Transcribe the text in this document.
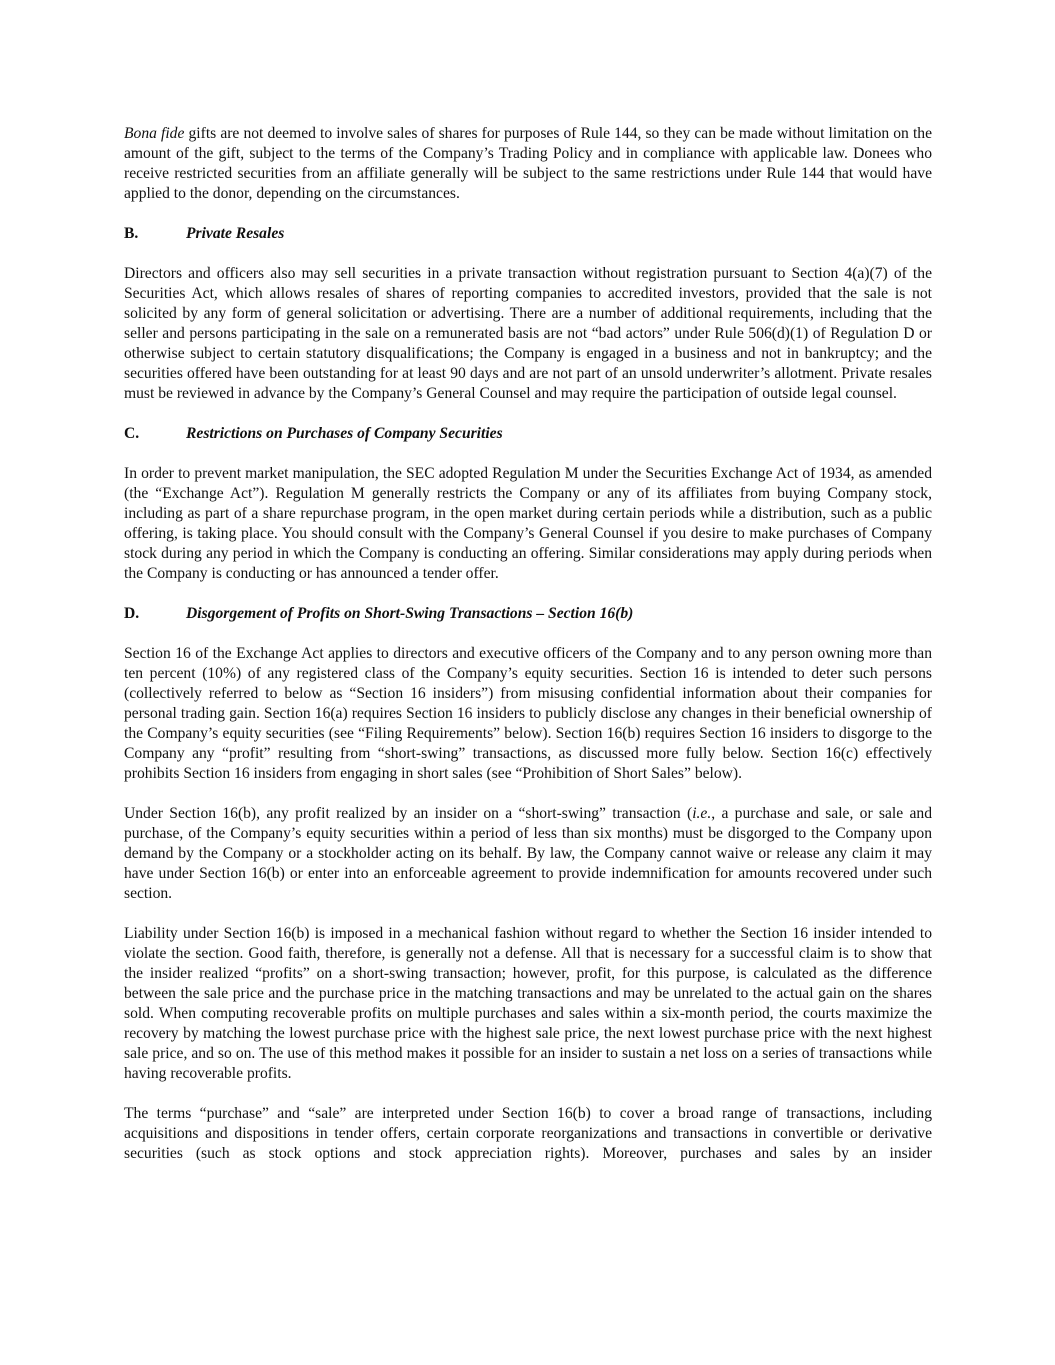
Bona fide gifts are not deemed to involve sales of shares for purposes of Rule 144, so they can be made without limitation on the amount of the gift, subject to the terms of the Company’s Trading Policy and in compliance with applicable law. Donees who receive restricted securities from an affiliate generally will be subject to the same restrictions under Rule 144 that would have applied to the donor, depending on the circumstances.

B.	Private Resales

Directors and officers also may sell securities in a private transaction without registration pursuant to Section 4(a)(7) of the Securities Act, which allows resales of shares of reporting companies to accredited investors, provided that the sale is not solicited by any form of general solicitation or advertising. There are a number of additional requirements, including that the seller and persons participating in the sale on a remunerated basis are not “bad actors” under Rule 506(d)(1) of Regulation D or otherwise subject to certain statutory disqualifications; the Company is engaged in a business and not in bankruptcy; and the securities offered have been outstanding for at least 90 days and are not part of an unsold underwriter’s allotment. Private resales must be reviewed in advance by the Company’s General Counsel and may require the participation of outside legal counsel.

C.	Restrictions on Purchases of Company Securities

In order to prevent market manipulation, the SEC adopted Regulation M under the Securities Exchange Act of 1934, as amended (the “Exchange Act”). Regulation M generally restricts the Company or any of its affiliates from buying Company stock, including as part of a share repurchase program, in the open market during certain periods while a distribution, such as a public offering, is taking place. You should consult with the Company’s General Counsel if you desire to make purchases of Company stock during any period in which the Company is conducting an offering. Similar considerations may apply during periods when the Company is conducting or has announced a tender offer.

D.	Disgorgement of Profits on Short-Swing Transactions – Section 16(b)

Section 16 of the Exchange Act applies to directors and executive officers of the Company and to any person owning more than ten percent (10%) of any registered class of the Company’s equity securities. Section 16 is intended to deter such persons (collectively referred to below as “Section 16 insiders”) from misusing confidential information about their companies for personal trading gain. Section 16(a) requires Section 16 insiders to publicly disclose any changes in their beneficial ownership of the Company’s equity securities (see “Filing Requirements” below). Section 16(b) requires Section 16 insiders to disgorge to the Company any “profit” resulting from “short-swing” transactions, as discussed more fully below. Section 16(c) effectively prohibits Section 16 insiders from engaging in short sales (see “Prohibition of Short Sales” below).

Under Section 16(b), any profit realized by an insider on a “short-swing” transaction (i.e., a purchase and sale, or sale and purchase, of the Company’s equity securities within a period of less than six months) must be disgorged to the Company upon demand by the Company or a stockholder acting on its behalf. By law, the Company cannot waive or release any claim it may have under Section 16(b) or enter into an enforceable agreement to provide indemnification for amounts recovered under such section.

Liability under Section 16(b) is imposed in a mechanical fashion without regard to whether the Section 16 insider intended to violate the section. Good faith, therefore, is generally not a defense. All that is necessary for a successful claim is to show that the insider realized “profits” on a short-swing transaction; however, profit, for this purpose, is calculated as the difference between the sale price and the purchase price in the matching transactions and may be unrelated to the actual gain on the shares sold. When computing recoverable profits on multiple purchases and sales within a six-month period, the courts maximize the recovery by matching the lowest purchase price with the highest sale price, the next lowest purchase price with the next highest sale price, and so on. The use of this method makes it possible for an insider to sustain a net loss on a series of transactions while having recoverable profits.

The terms “purchase” and “sale” are interpreted under Section 16(b) to cover a broad range of transactions, including acquisitions and dispositions in tender offers, certain corporate reorganizations and transactions in convertible or derivative securities (such as stock options and stock appreciation rights). Moreover, purchases and sales by an insider
